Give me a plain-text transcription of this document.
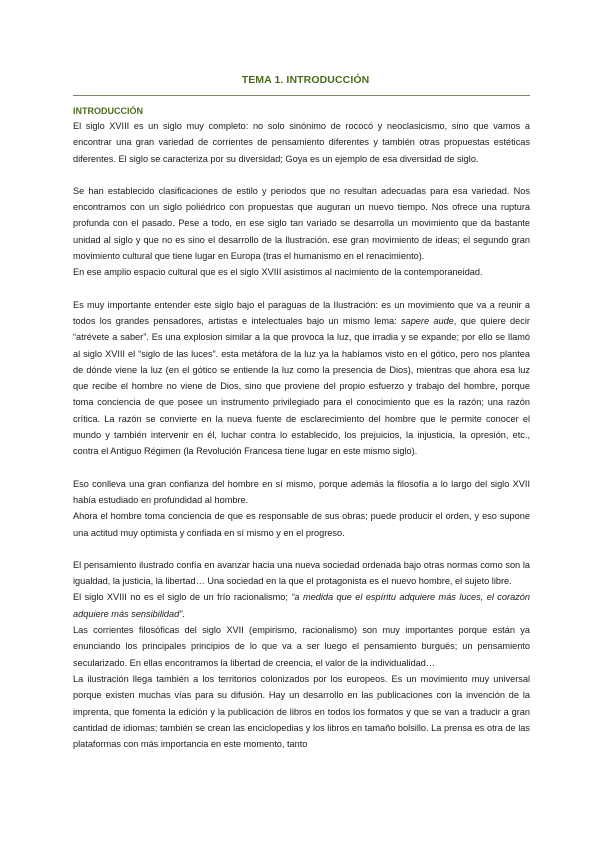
TEMA 1. INTRODUCCIÓN
INTRODUCCIÓN

El siglo XVIII es un siglo muy completo: no solo sinónimo de rococó y neoclasicismo, sino que vamos a encontrar una gran variedad de corrientes de pensamiento diferentes y también otras propuestas estéticas diferentes. El siglo se caracteriza por su diversidad; Goya es un ejemplo de esa diversidad de siglo.

Se han establecido clasificaciones de estilo y periodos que no resultan adecuadas para esa variedad. Nos encontramos con un siglo poliédrico con propuestas que auguran un nuevo tiempo. Nos ofrece una ruptura profunda con el pasado. Pese a todo, en ese siglo tan variado se desarrolla un movimiento que da bastante unidad al siglo y que no es sino el desarrollo de la Ilustración. ese gran movimiento de ideas; el segundo gran movimiento cultural que tiene lugar en Europa (tras el humanismo en el renacimiento).

En ese amplio espacio cultural que es el siglo XVIII asistimos al nacimiento de la contemporaneidad.

Es muy importante entender este siglo bajo el paraguas de la Ilustración: es un movimiento que va a reunir a todos los grandes pensadores, artistas e intelectuales bajo un mismo lema: sapere aude, que quiere decir “atrévete a saber”. Es una explosion similar a la que provoca la luz, que irradia y se expande; por ello se llamó al siglo XVIII el “siglo de las luces”. esta metáfora de la luz ya la habíamos visto en el gótico, pero nos plantea de dónde viene la luz (en el gótico se entiende la luz como la presencia de Dios), mientras que ahora esa luz que recibe el hombre no viene de Dios, sino que proviene del propio esfuerzo y trabajo del hombre, porque toma conciencia de que posee un instrumento privilegiado para el conocimiento que es la razón; una razón crítica. La razón se convierte en la nueva fuente de esclarecimiento del hombre que le permite conocer el mundo y también intervenir en él, luchar contra lo establecido, los prejuicios, la injusticia, la opresión, etc., contra el Antiguo Régimen (la Revolución Francesa tiene lugar en este mismo siglo).

Eso conlleva una gran confianza del hombre en sí mismo, porque además la filosofía a lo largo del siglo XVII había estudiado en profundidad al hombre.

Ahora el hombre toma conciencia de que es responsable de sus obras; puede producir el orden, y eso supone una actitud muy optimista y confiada en sí mismo y en el progreso.

El pensamiento ilustrado confía en avanzar hacia una nueva sociedad ordenada bajo otras normas como son la igualdad, la justicia, la libertad… Una sociedad en la que el protagonista es el nuevo hombre, el sujeto libre.

El siglo XVIII no es el siglo de un frío racionalismo; “a medida que el espíritu adquiere más luces, el corazón adquiere más sensibilidad”.

Las corrientes filosóficas del siglo XVII (empirismo, racionalismo) son muy importantes porque están ya enunciando los principales principios de lo que va a ser luego el pensamiento burgués; un pensamiento secularizado. En ellas encontramos la libertad de creencia, el valor de la individualidad…

La ilustración llega también a los territorios colonizados por los europeos. Es un movimiento muy universal porque existen muchas vías para su difusión. Hay un desarrollo en las publicaciones con la invención de la imprenta, que fomenta la edición y la publicación de libros en todos los formatos y que se van a traducir a gran cantidad de idiomas; también se crean las enciclopedias y los libros en tamaño bolsillo. La prensa es otra de las plataformas con más importancia en este momento, tanto
